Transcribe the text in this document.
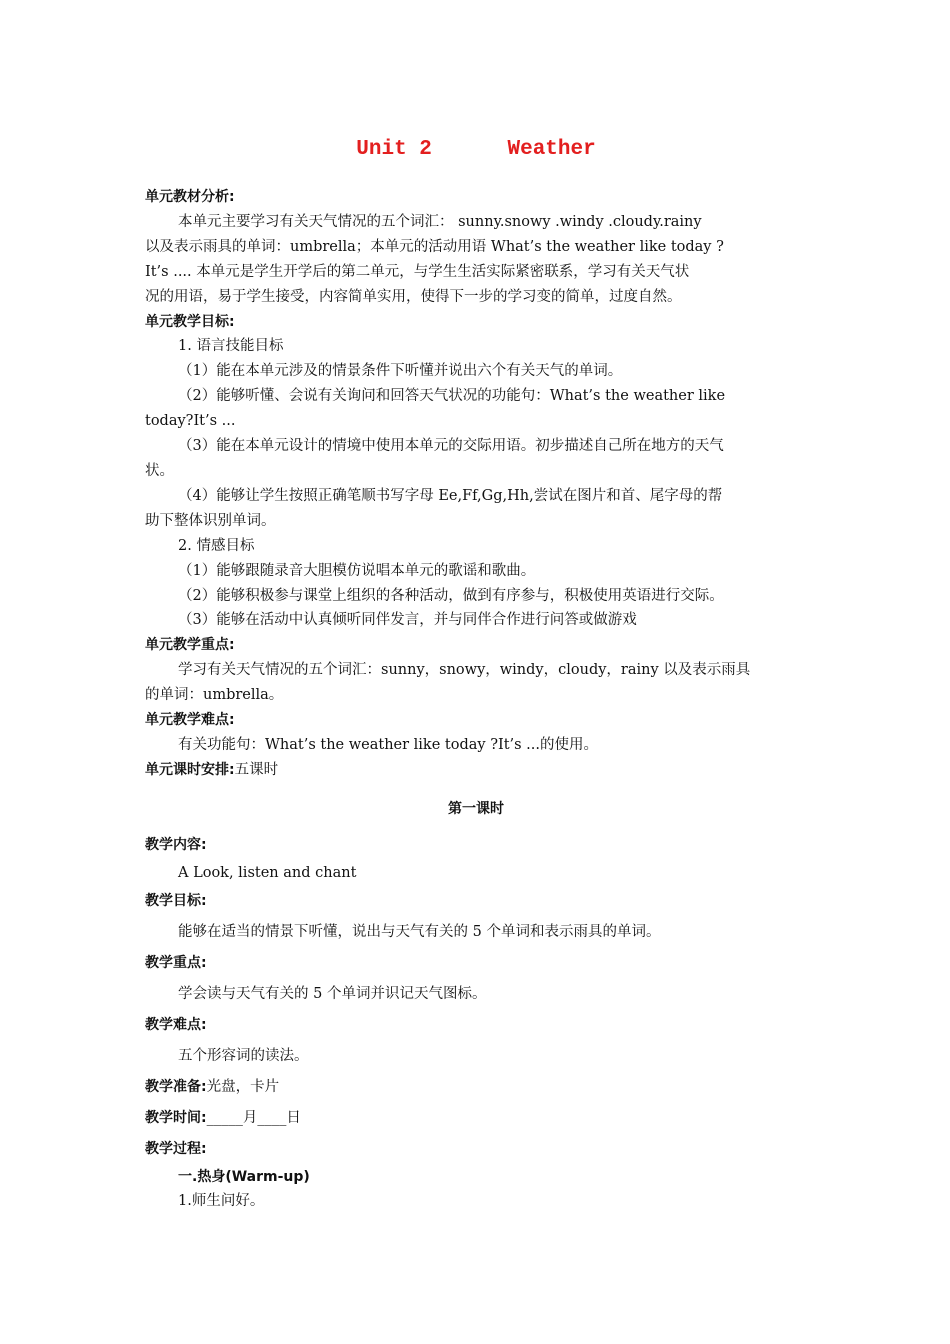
Unit 2      Weather
单元教材分析:
本单元主要学习有关天气情况的五个词汇： sunny.snowy .windy .cloudy.rainy
以及表示雨具的单词：umbrella；本单元的活动用语 What’s the weather like today ?
It’s .... 本单元是学生开学后的第二单元，与学生生活实际紧密联系，学习有关天气状
况的用语，易于学生接受，内容简单实用，使得下一步的学习变的简单，过度自然。
单元教学目标:
1. 语言技能目标
（1）能在本单元涉及的情景条件下听懂并说出六个有关天气的单词。
（2）能够听懂、会说有关询问和回答天气状况的功能句：What’s the weather like
today?It’s ...
（3）能在本单元设计的情境中使用本单元的交际用语。初步描述自己所在地方的天气
状。
（4）能够让学生按照正确笔顺书写字母 Ee,Ff,Gg,Hh,尝试在图片和首、尾字母的帮
助下整体识别单词。
2. 情感目标
（1）能够跟随录音大胆模仿说唱本单元的歌谣和歌曲。
（2）能够积极参与课堂上组织的各种活动，做到有序参与，积极使用英语进行交际。
（3）能够在活动中认真倾听同伴发言，并与同伴合作进行问答或做游戏
单元教学重点:
学习有关天气情况的五个词汇：sunny，snowy，windy，cloudy，rainy 以及表示雨具
的单词：umbrella。
单元教学难点:
有关功能句：What’s the weather like today ?It’s ...的使用。
单元课时安排:五课时
第一课时
教学内容:
A Look, listen and chant
教学目标:
能够在适当的情景下听懂，说出与天气有关的 5 个单词和表示雨具的单词。
教学重点:
学会读与天气有关的 5 个单词并识记天气图标。
教学难点:
五个形容词的读法。
教学准备:光盘，卡片
教学时间:_____月____日
教学过程:
一.热身(Warm-up)
1.师生问好。
